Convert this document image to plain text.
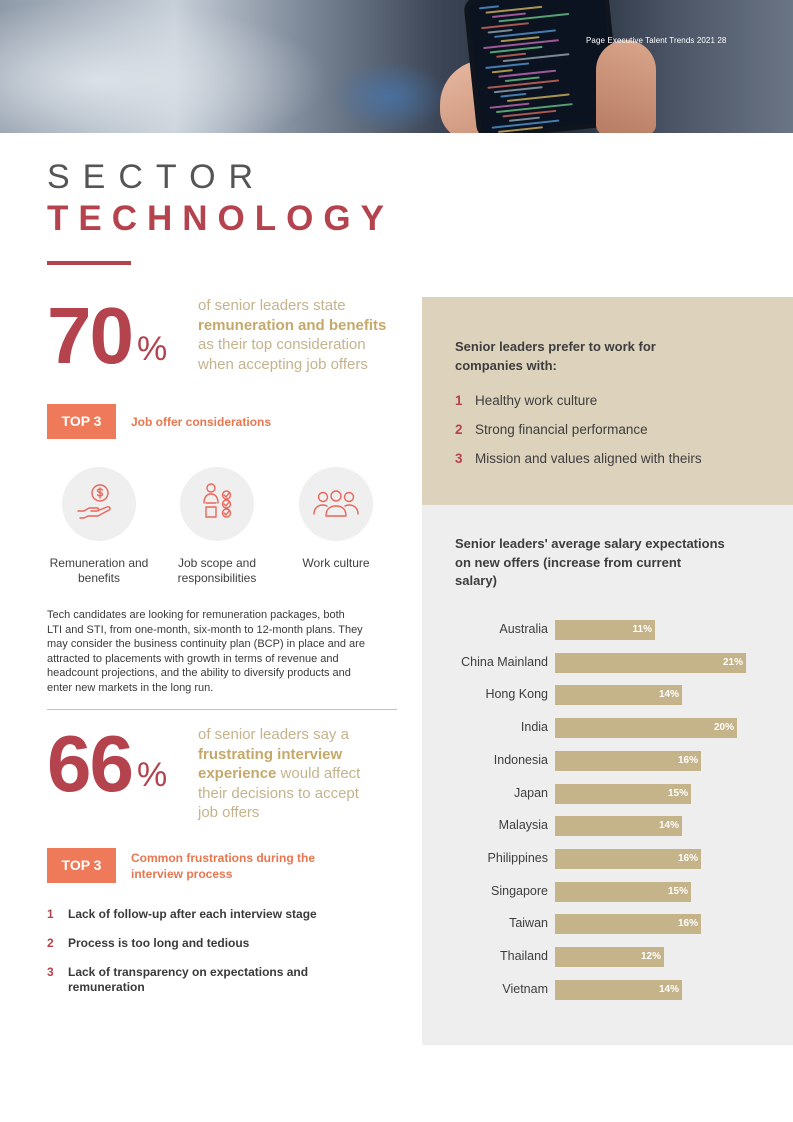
Page Executive Talent Trends 2021 28
SECTOR
TECHNOLOGY
70 %
of senior leaders state
remuneration and benefits
as their top consideration
when accepting job offers
TOP 3	Job offer considerations
Remuneration and
benefits
Job scope and
responsibilities
Work culture
Tech candidates are looking for remuneration packages, both
LTI and STI, from one-month, six-month to 12-month plans. They
may consider the business continuity plan (BCP) in place and are
attracted to placements with growth in terms of revenue and
headcount projections, and the ability to diversify products and
enter new markets in the long run.
66 %
of senior leaders say a
frustrating interview
experience would affect
their decisions to accept
job offers
TOP 3	Common frustrations during the
interview process
1 Lack of follow-up after each interview stage
2 Process is too long and tedious
3 Lack of transparency on expectations and
remuneration
Senior leaders prefer to work for
companies with:
1 Healthy work culture
2 Strong financial performance
3 Mission and values aligned with theirs
Senior leaders' average salary expectations
on new offers (increase from current
salary)
Australia	11%
China Mainland	21%
Hong Kong	14%
India	20%
Indonesia	16%
Japan	15%
Malaysia	14%
Philippines	16%
Singapore	15%
Taiwan	16%
Thailand	12%
Vietnam	14%
